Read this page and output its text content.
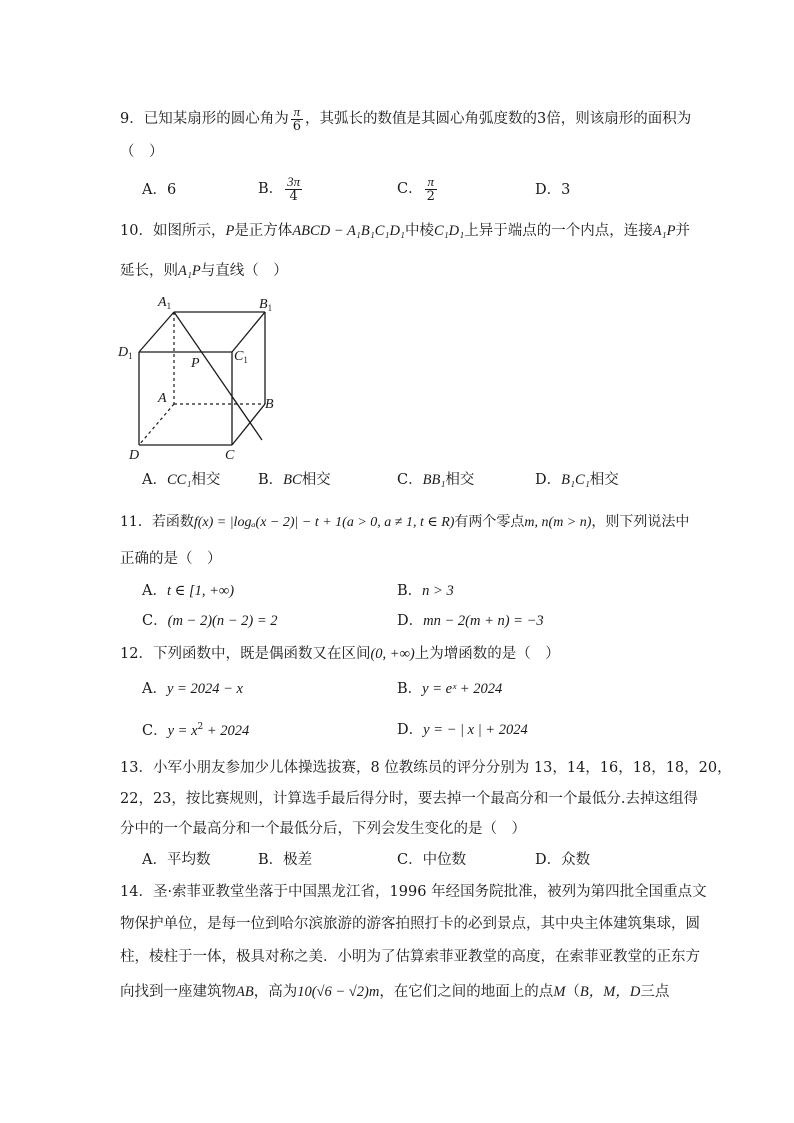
9．已知某扇形的圆心角为 $\frac{\pi}{6}$ ，其弧长的数值是其圆心角弧度数的3倍，则该扇形的面积为
（　）
A．6	B． $\frac{3\pi}{4}$	C． $\frac{\pi}{2}$	D．3
10．如图所示，P是正方体ABCD − A₁B₁C₁D₁中棱C₁D₁上异于端点的一个内点，连接A₁P并
延长，则A₁P与直线（　）
$A_1$	$B_1$
$D_1$	$C_1$
P
A	B
C
D
A．CC₁相交	B．BC相交	C．BB₁相交	D．B₁C₁相交
11．若函数f(x) = |logₐ(x − 2)| − t + 1(a > 0, a ≠ 1, t ∈ R)有两个零点m, n(m > n)，则下列说法中
正确的是（　）
A．t ∈ [1, +∞)	B．n > 3
C．(m − 2)(n − 2) = 2	D．mn − 2(m + n) = −3
12．下列函数中，既是偶函数又在区间(0, +∞)上为增函数的是（　）
A．y = 2024 − x	B．y = eˣ + 2024
C．$y = x^2 + 2024$	D．y = − | x | + 2024
13．小军小朋友参加少儿体操选拔赛，8 位教练员的评分分别为 13，14，16，18，18，20，
22，23，按比赛规则，计算选手最后得分时，要去掉一个最高分和一个最低分.去掉这组得
分中的一个最高分和一个最低分后，下列会发生变化的是（　）
A．平均数	B．极差	C．中位数	D．众数
14．圣·索菲亚教堂坐落于中国黑龙江省，1996 年经国务院批准，被列为第四批全国重点文
物保护单位，是每一位到哈尔滨旅游的游客拍照打卡的必到景点，其中央主体建筑集球，圆
柱，棱柱于一体，极具对称之美．小明为了估算索菲亚教堂的高度，在索菲亚教堂的正东方
向找到一座建筑物AB，高为10(√6 − √2)m，在它们之间的地面上的点M（B，M，D三点
